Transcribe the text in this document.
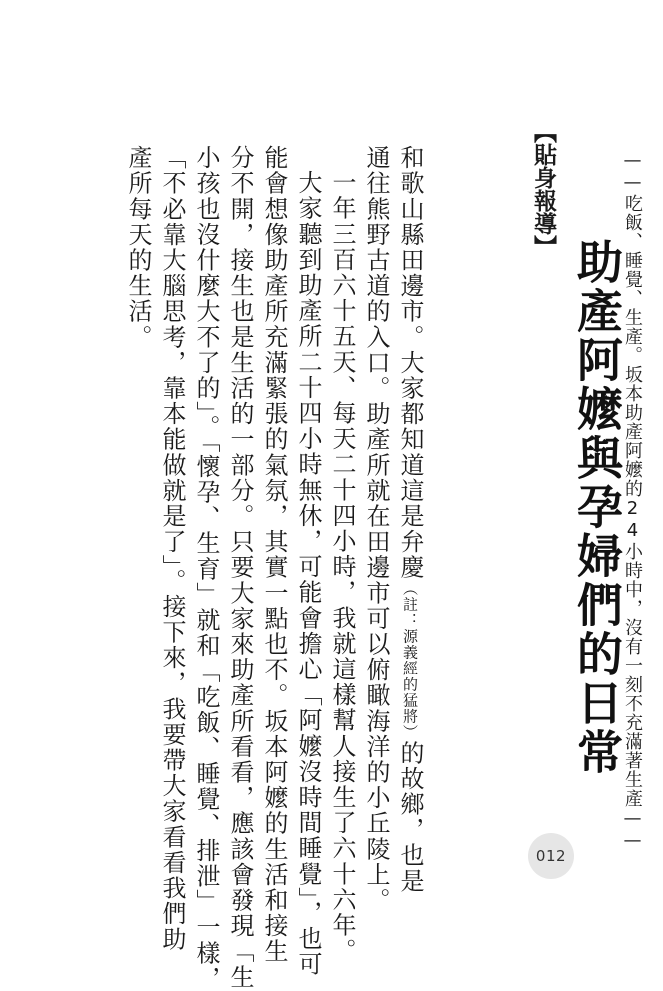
【貼身報導】
助產阿嬤與孕婦們的日常
——吃飯、睡覺、生產。坂本助產阿嬤的24小時中，沒有一刻不充滿著生產——
和歌山縣田邊市。大家都知道這是弁慶（註：源義經的猛將）的故鄉，也是
通往熊野古道的入口。助產所就在田邊市可以俯瞰海洋的小丘陵上。
一年三百六十五天、每天二十四小時，我就這樣幫人接生了六十六年。
大家聽到助產所二十四小時無休，可能會擔心「阿嬤沒時間睡覺」，也可
能會想像助產所充滿緊張的氣氛，其實一點也不。坂本阿嬤的生活和接生
分不開，接生也是生活的一部分。只要大家來助產所看看，應該會發現「生
小孩也沒什麼大不了的」。「懷孕、生育」就和「吃飯、睡覺、排泄」一樣，
「不必靠大腦思考，靠本能做就是了」。接下來，我要帶大家看看我們助
產所每天的生活。
012
